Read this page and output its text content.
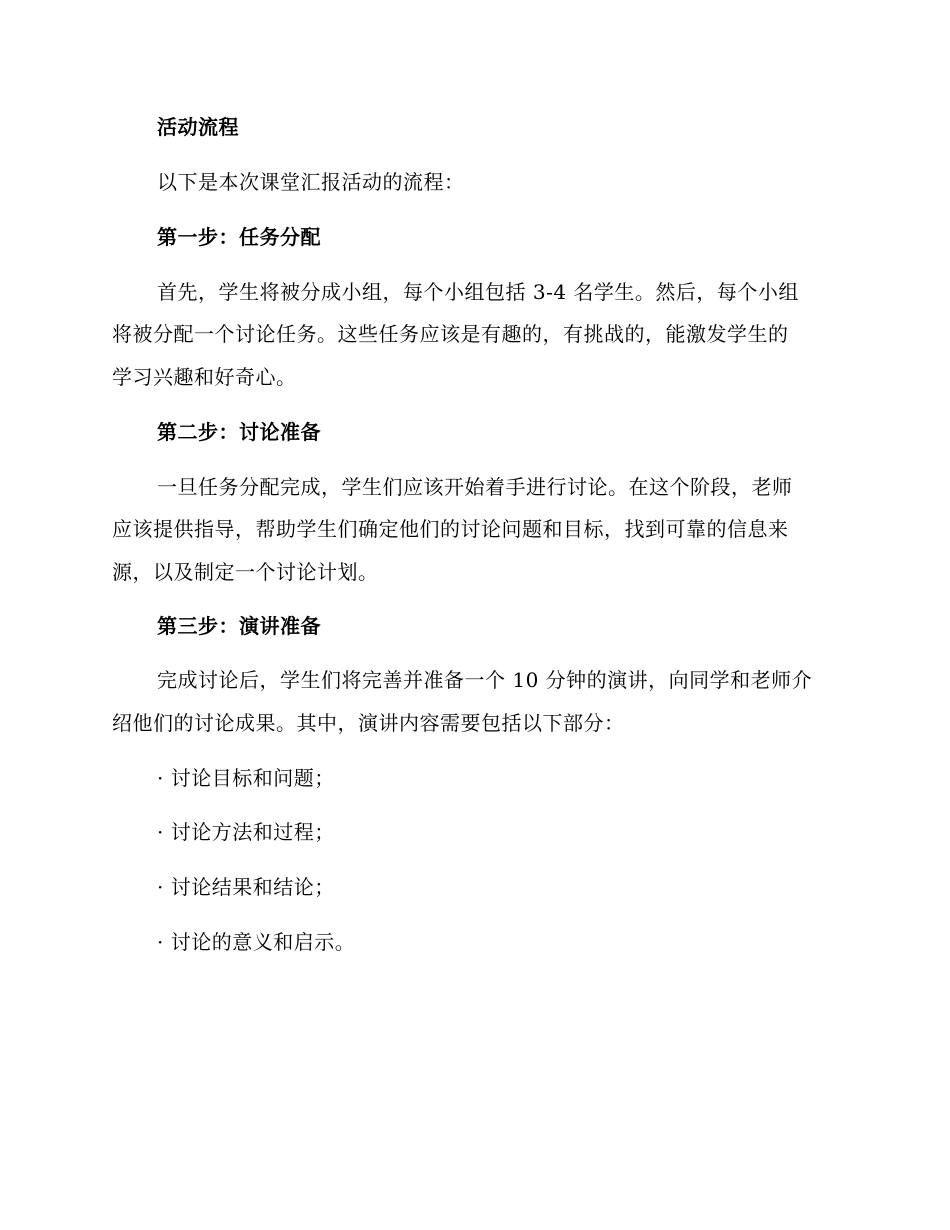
活动流程
以下是本次课堂汇报活动的流程：
第一步：任务分配
首先，学生将被分成小组，每个小组包括 3-4 名学生。然后，每个小组
将被分配一个讨论任务。这些任务应该是有趣的，有挑战的，能激发学生的
学习兴趣和好奇心。
第二步：讨论准备
一旦任务分配完成，学生们应该开始着手进行讨论。在这个阶段，老师
应该提供指导，帮助学生们确定他们的讨论问题和目标，找到可靠的信息来
源，以及制定一个讨论计划。
第三步：演讲准备
完成讨论后，学生们将完善并准备一个 10 分钟的演讲，向同学和老师介
绍他们的讨论成果。其中，演讲内容需要包括以下部分：
· 讨论目标和问题；
· 讨论方法和过程；
· 讨论结果和结论；
· 讨论的意义和启示。
